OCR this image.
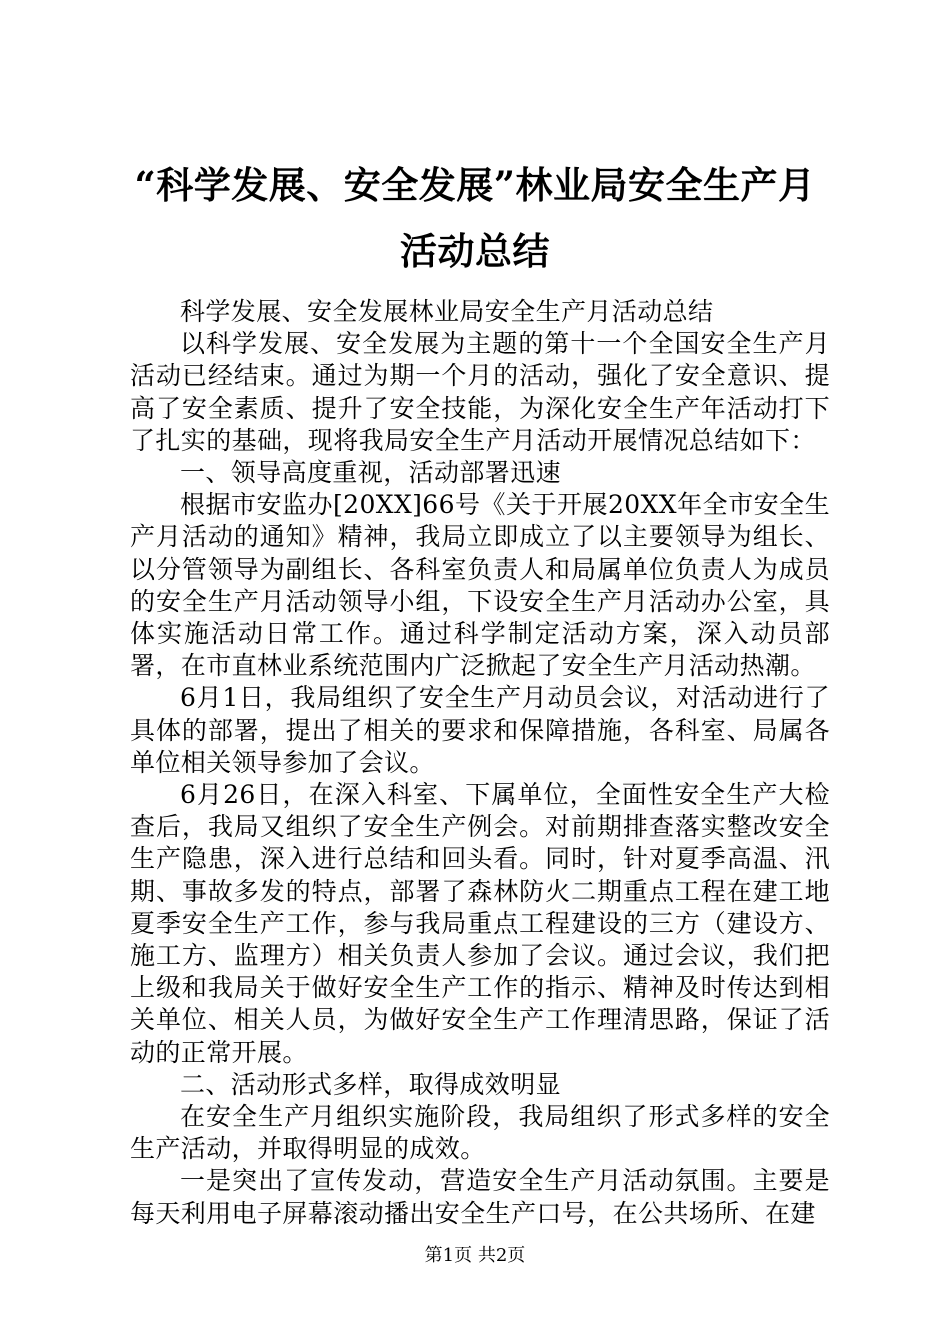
“科学发展、安全发展”林业局安全生产月活动总结

科学发展、安全发展林业局安全生产月活动总结

以科学发展、安全发展为主题的第十一个全国安全生产月活动已经结束。通过为期一个月的活动，强化了安全意识、提高了安全素质、提升了安全技能，为深化安全生产年活动打下了扎实的基础，现将我局安全生产月活动开展情况总结如下：

一、领导高度重视，活动部署迅速

根据市安监办[20XX]66号《关于开展20XX年全市安全生产月活动的通知》精神，我局立即成立了以主要领导为组长、以分管领导为副组长、各科室负责人和局属单位负责人为成员的安全生产月活动领导小组，下设安全生产月活动办公室，具体实施活动日常工作。通过科学制定活动方案，深入动员部署，在市直林业系统范围内广泛掀起了安全生产月活动热潮。

6月1日，我局组织了安全生产月动员会议，对活动进行了具体的部署，提出了相关的要求和保障措施，各科室、局属各单位相关领导参加了会议。

6月26日，在深入科室、下属单位，全面性安全生产大检查后，我局又组织了安全生产例会。对前期排查落实整改安全生产隐患，深入进行总结和回头看。同时，针对夏季高温、汛期、事故多发的特点，部署了森林防火二期重点工程在建工地夏季安全生产工作，参与我局重点工程建设的三方（建设方、施工方、监理方）相关负责人参加了会议。通过会议，我们把上级和我局关于做好安全生产工作的指示、精神及时传达到相关单位、相关人员，为做好安全生产工作理清思路，保证了活动的正常开展。

二、活动形式多样，取得成效明显

在安全生产月组织实施阶段，我局组织了形式多样的安全生产活动，并取得明显的成效。

一是突出了宣传发动，营造安全生产月活动氛围。主要是每天利用电子屏幕滚动播出安全生产口号，在公共场所、在建

第1页 共2页
